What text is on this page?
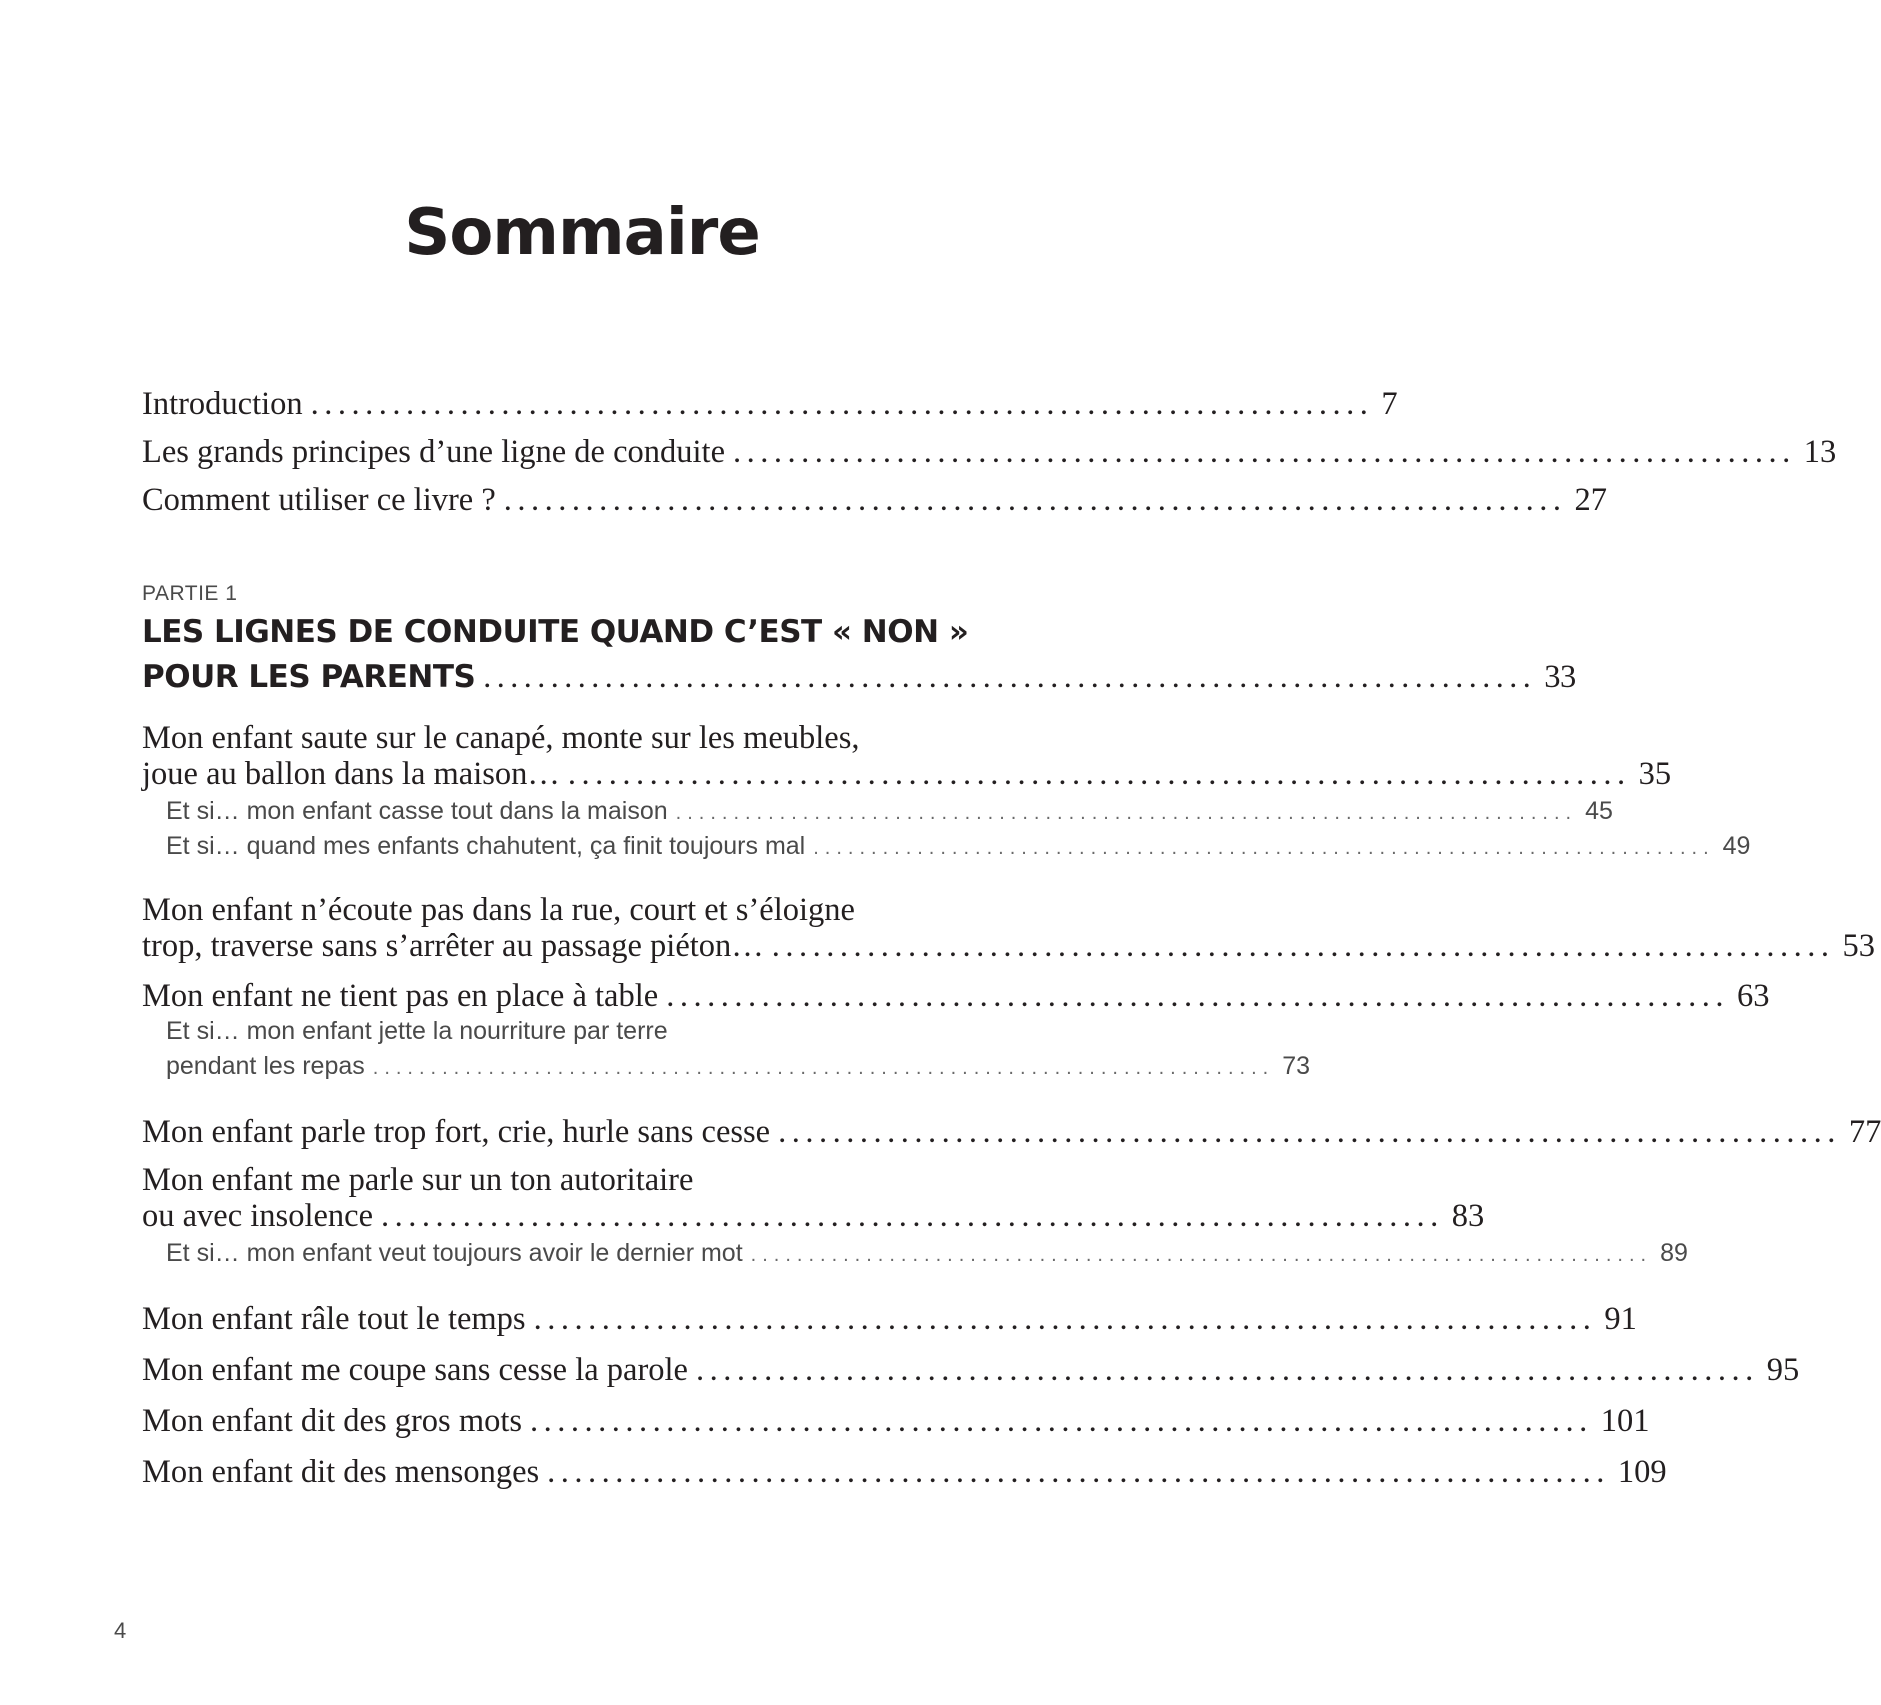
Sommaire
Introduction .............................................................................. 7
Les grands principes d’une ligne de conduite .............................................................................. 13
Comment utiliser ce livre ? .............................................................................. 27
PARTIE 1
LES LIGNES DE CONDUITE QUAND C’EST « NON »
POUR LES PARENTS .............................................................................. 33
Mon enfant saute sur le canapé, monte sur les meubles,
joue au ballon dans la maison… .............................................................................. 35
Et si… mon enfant casse tout dans la maison .............................................................................. 45
Et si… quand mes enfants chahutent, ça finit toujours mal .............................................................................. 49
Mon enfant n’écoute pas dans la rue, court et s’éloigne
trop, traverse sans s’arrêter au passage piéton… .............................................................................. 53
Mon enfant ne tient pas en place à table .............................................................................. 63
Et si… mon enfant jette la nourriture par terre
pendant les repas .............................................................................. 73
Mon enfant parle trop fort, crie, hurle sans cesse .............................................................................. 77
Mon enfant me parle sur un ton autoritaire
ou avec insolence .............................................................................. 83
Et si… mon enfant veut toujours avoir le dernier mot .............................................................................. 89
Mon enfant râle tout le temps .............................................................................. 91
Mon enfant me coupe sans cesse la parole .............................................................................. 95
Mon enfant dit des gros mots .............................................................................. 101
Mon enfant dit des mensonges .............................................................................. 109
4
